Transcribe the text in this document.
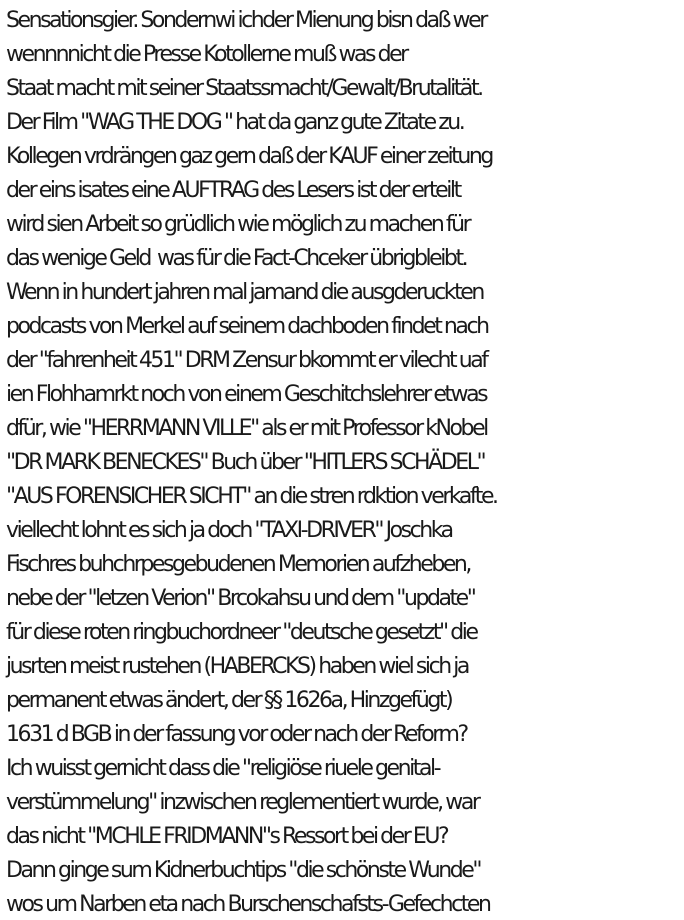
Sensationsgier. Sondernwi ichder Mienung bisn daß wer
wennnnicht die Presse Kotollerne muß was der
Staat macht mit seiner Staatssmacht/Gewalt/Brutalität.
Der Film "WAG THE DOG " hat da ganz gute Zitate zu.
Kollegen vrdrängen gaz gern daß der KAUF einer zeitung
der eins isates eine AUFTRAG des Lesers ist der erteilt
wird sien Arbeit so grüdlich wie möglich zu machen für
das wenige Geld  was für die Fact-Chceker übrigbleibt.
Wenn in hundert jahren mal jamand die ausgderuckten
podcasts von Merkel auf seinem dachboden findet nach
der "fahrenheit 451" DRM Zensur bkommt er vilecht uaf
ien Flohhamrkt noch von einem Geschitchslehrer etwas
dfür, wie "HERRMANN VILLE" als er mit Professor kNobel
"DR MARK BENECKES" Buch über "HITLERS SCHÄDEL"
"AUS FORENSICHER SICHT" an die stren rdktion verkafte.
viellecht lohnt es sich ja doch "TAXI-DRIVER" Joschka
Fischres buhchrpesgebudenen Memorien aufzheben,
nebe der "letzen Verion" Brcokahsu und dem "update"
für diese roten ringbuchordneer "deutsche gesetzt" die
jusrten meist rustehen (HABERCKS) haben wiel sich ja
permanent etwas ändert, der §§ 1626a, Hinzgefügt)
1631 d BGB in der fassung vor oder nach der Reform?
Ich wuisst gernicht dass die "religiöse riuele genital-
verstümmelung" inzwischen reglementiert wurde, war
das nicht "MCHLE FRIDMANN"s Ressort bei der EU?
Dann ginge sum Kidnerbuchtips "die schönste Wunde"
wos um Narben eta nach Burschenschafsts-Gefechcten
